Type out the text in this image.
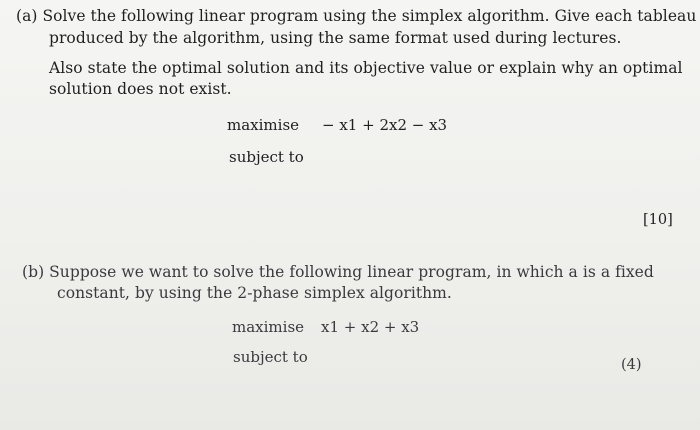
(a) Solve the following linear program using the simplex algorithm. Give each tableau
produced by the algorithm, using the same format used during lectures.
Also state the optimal solution and its objective value or explain why an optimal
solution does not exist.
maximise − x1 + 2x2 − x3
subject to
[10]
(b) Suppose we want to solve the following linear program, in which a is a fixed
constant, by using the 2-phase simplex algorithm.
maximise x1 + x2 + x3
subject to	(4)
